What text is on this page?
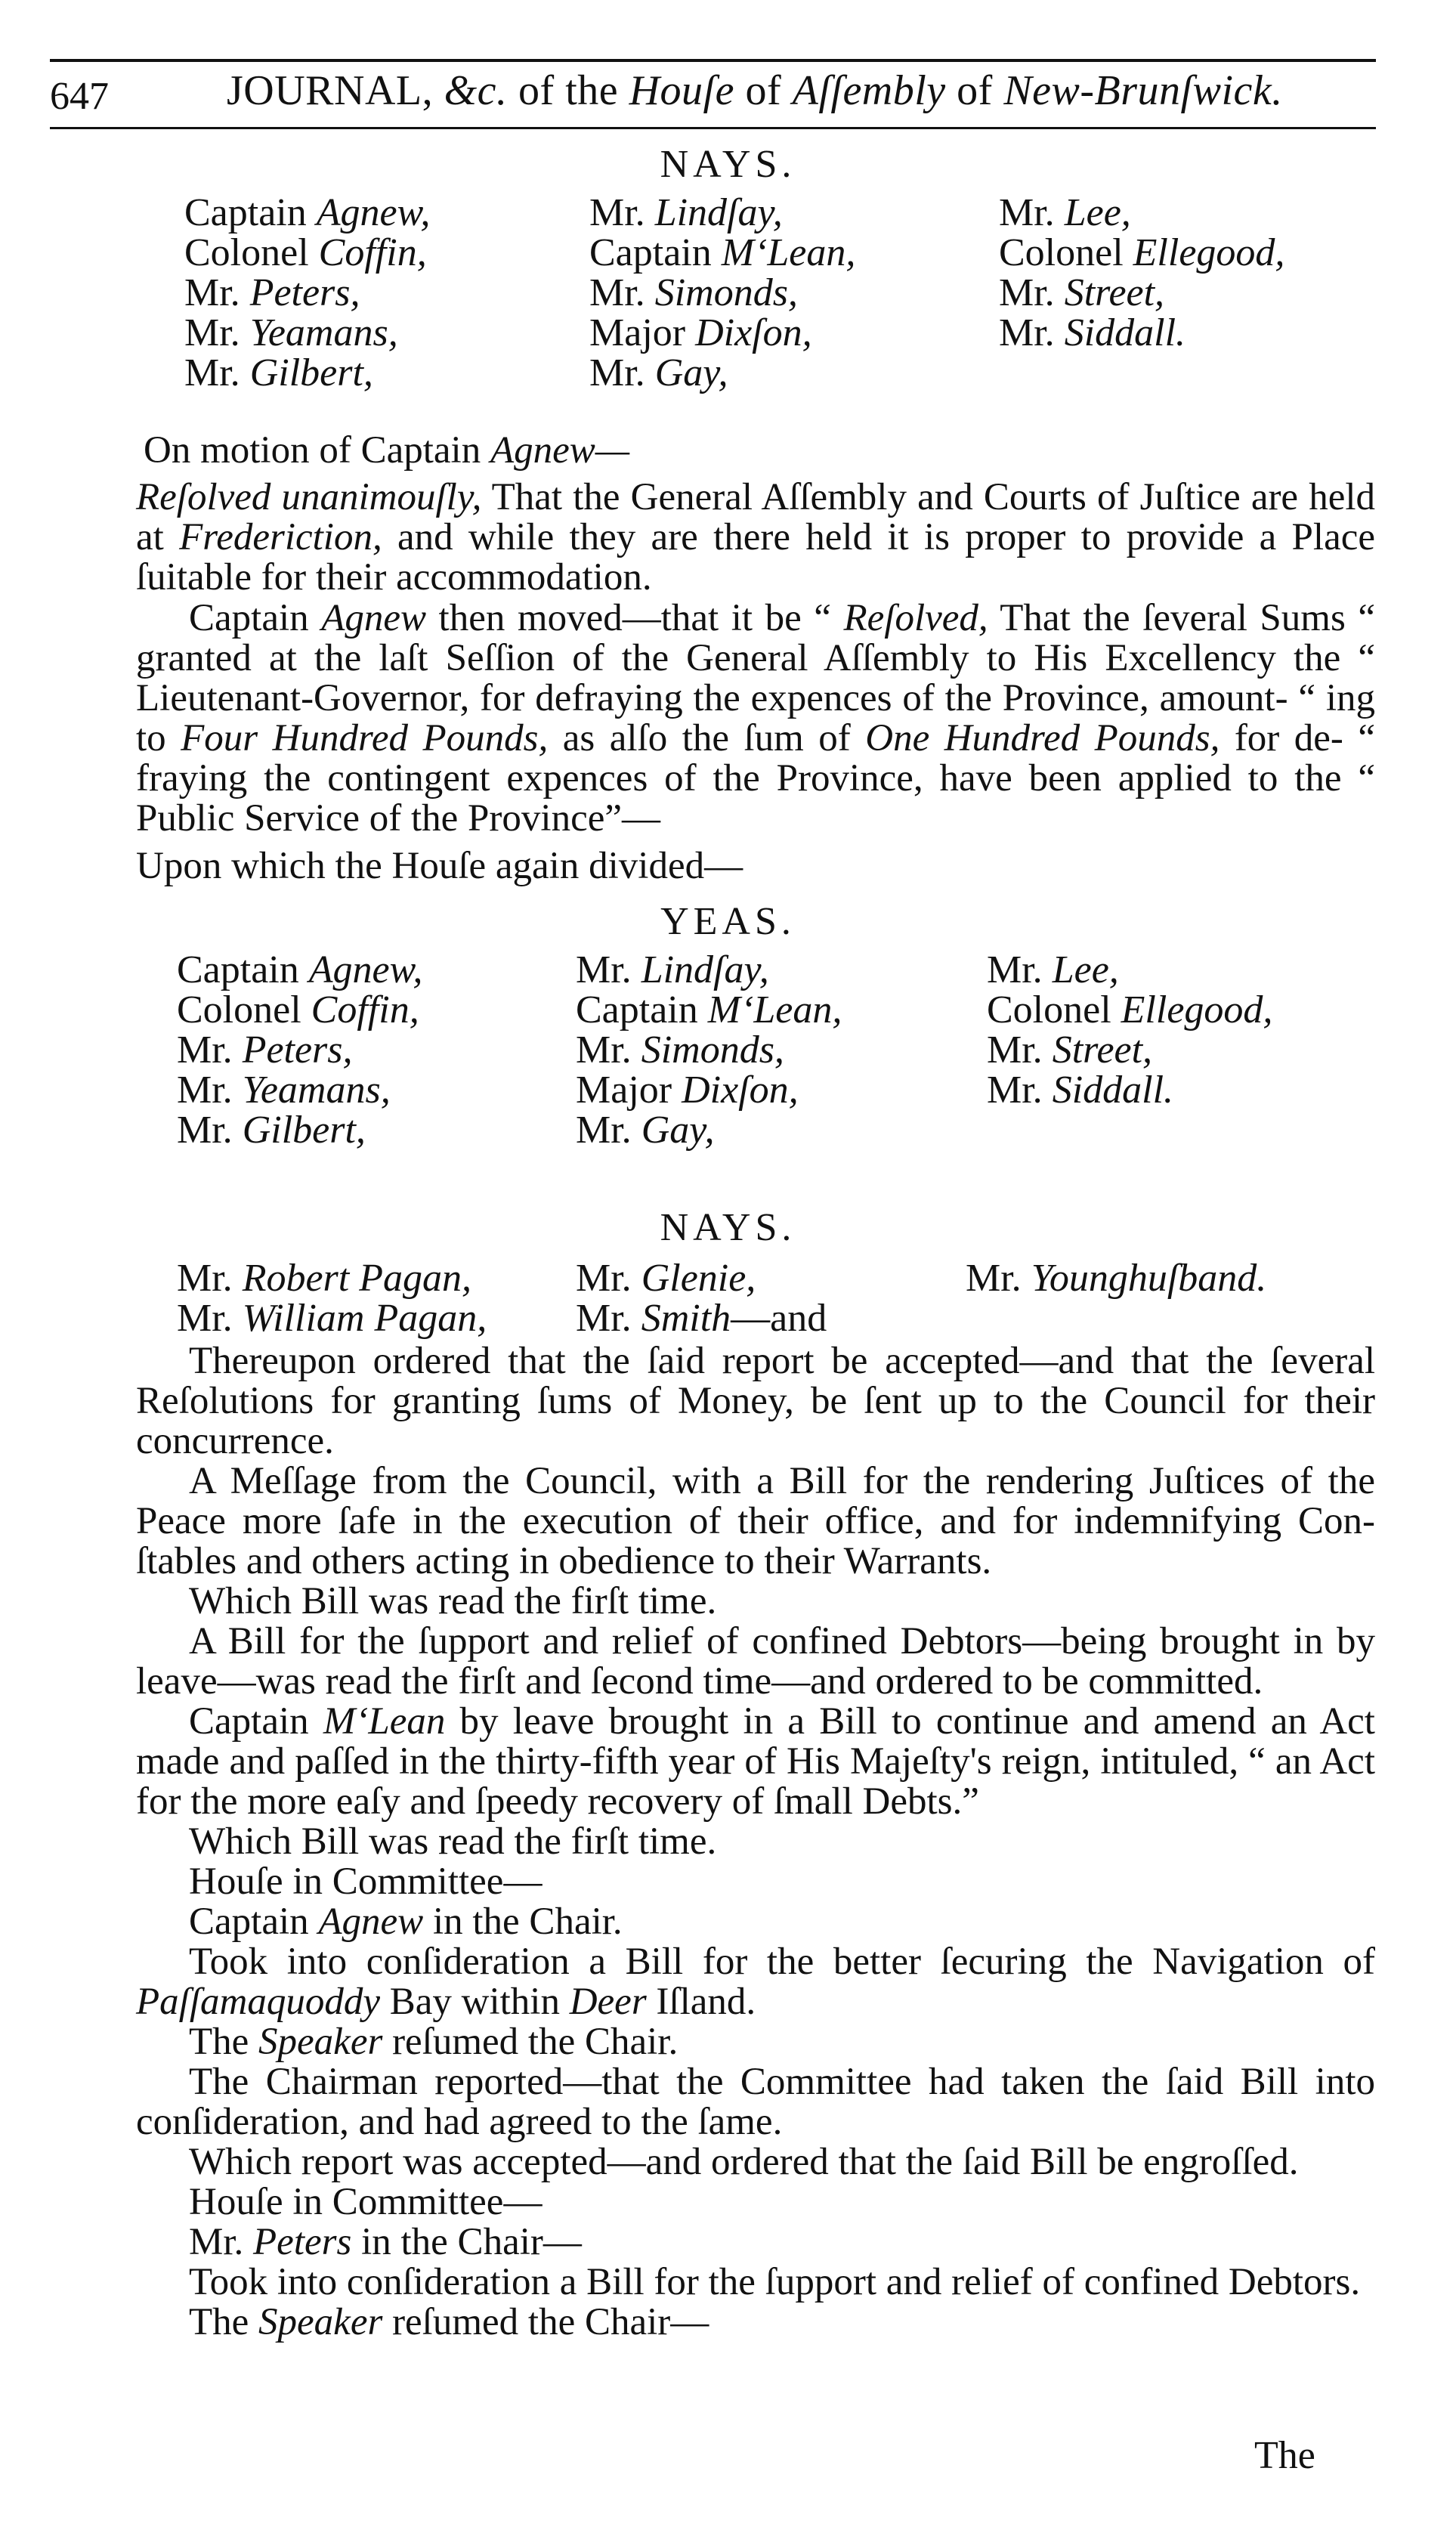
647	JOURNAL, &c. of the Houſe of Aſſembly of New-Brunſwick.
NAYS.
Captain Agnew,
Colonel Coffin,
Mr. Peters,
Mr. Yeamans,
Mr. Gilbert,
Mr. Lindſay,
Captain M‘Lean,
Mr. Simonds,
Major Dixſon,
Mr. Gay,
Mr. Lee,
Colonel Ellegood,
Mr. Street,
Mr. Siddall.

On motion of Captain Agnew—

Reſolved unanimouſly, That the General Aſſembly and Courts of Juſtice are held at Frederiction, and while they are there held it is proper to provide a Place ſuitable for their accommodation.

Captain Agnew then moved—that it be “ Reſolved, That the ſeveral Sums “ granted at the laſt Seſſion of the General Aſſembly to His Excellency the “ Lieutenant-Governor, for defraying the expences of the Province, amount- “ ing to Four Hundred Pounds, as alſo the ſum of One Hundred Pounds, for de- “ fraying the contingent expences of the Province, have been applied to the “ Public Service of the Province”—

Upon which the Houſe again divided—

YEAS.
Captain Agnew,
Colonel Coffin,
Mr. Peters,
Mr. Yeamans,
Mr. Gilbert,
Mr. Lindſay,
Captain M‘Lean,
Mr. Simonds,
Major Dixſon,
Mr. Gay,
Mr. Lee,
Colonel Ellegood,
Mr. Street,
Mr. Siddall.
NAYS.
Mr. Robert Pagan,
Mr. William Pagan,
Mr. Glenie,
Mr. Smith—and
Mr. Younghuſband.

Thereupon ordered that the ſaid report be accepted—and that the ſeveral Reſolutions for granting ſums of Money, be ſent up to the Council for their concurrence.

A Meſſage from the Council, with a Bill for the rendering Juſtices of the Peace more ſafe in the execution of their office, and for indemnifying Con- ſtables and others acting in obedience to their Warrants.

Which Bill was read the firſt time.

A Bill for the ſupport and relief of confined Debtors—being brought in by leave—was read the firſt and ſecond time—and ordered to be committed.

Captain M‘Lean by leave brought in a Bill to continue and amend an Act made and paſſed in the thirty-fifth year of His Majeſty's reign, intituled, “ an Act for the more eaſy and ſpeedy recovery of ſmall Debts.”

Which Bill was read the firſt time.

Houſe in Committee—

Captain Agnew in the Chair.

Took into conſideration a Bill for the better ſecuring the Navigation of Paſſamaquoddy Bay within Deer Iſland.

The Speaker reſumed the Chair.

The Chairman reported—that the Committee had taken the ſaid Bill into conſideration, and had agreed to the ſame.

Which report was accepted—and ordered that the ſaid Bill be engroſſed.

Houſe in Committee—

Mr. Peters in the Chair—

Took into conſideration a Bill for the ſupport and relief of confined Debtors.

The Speaker reſumed the Chair—

The
